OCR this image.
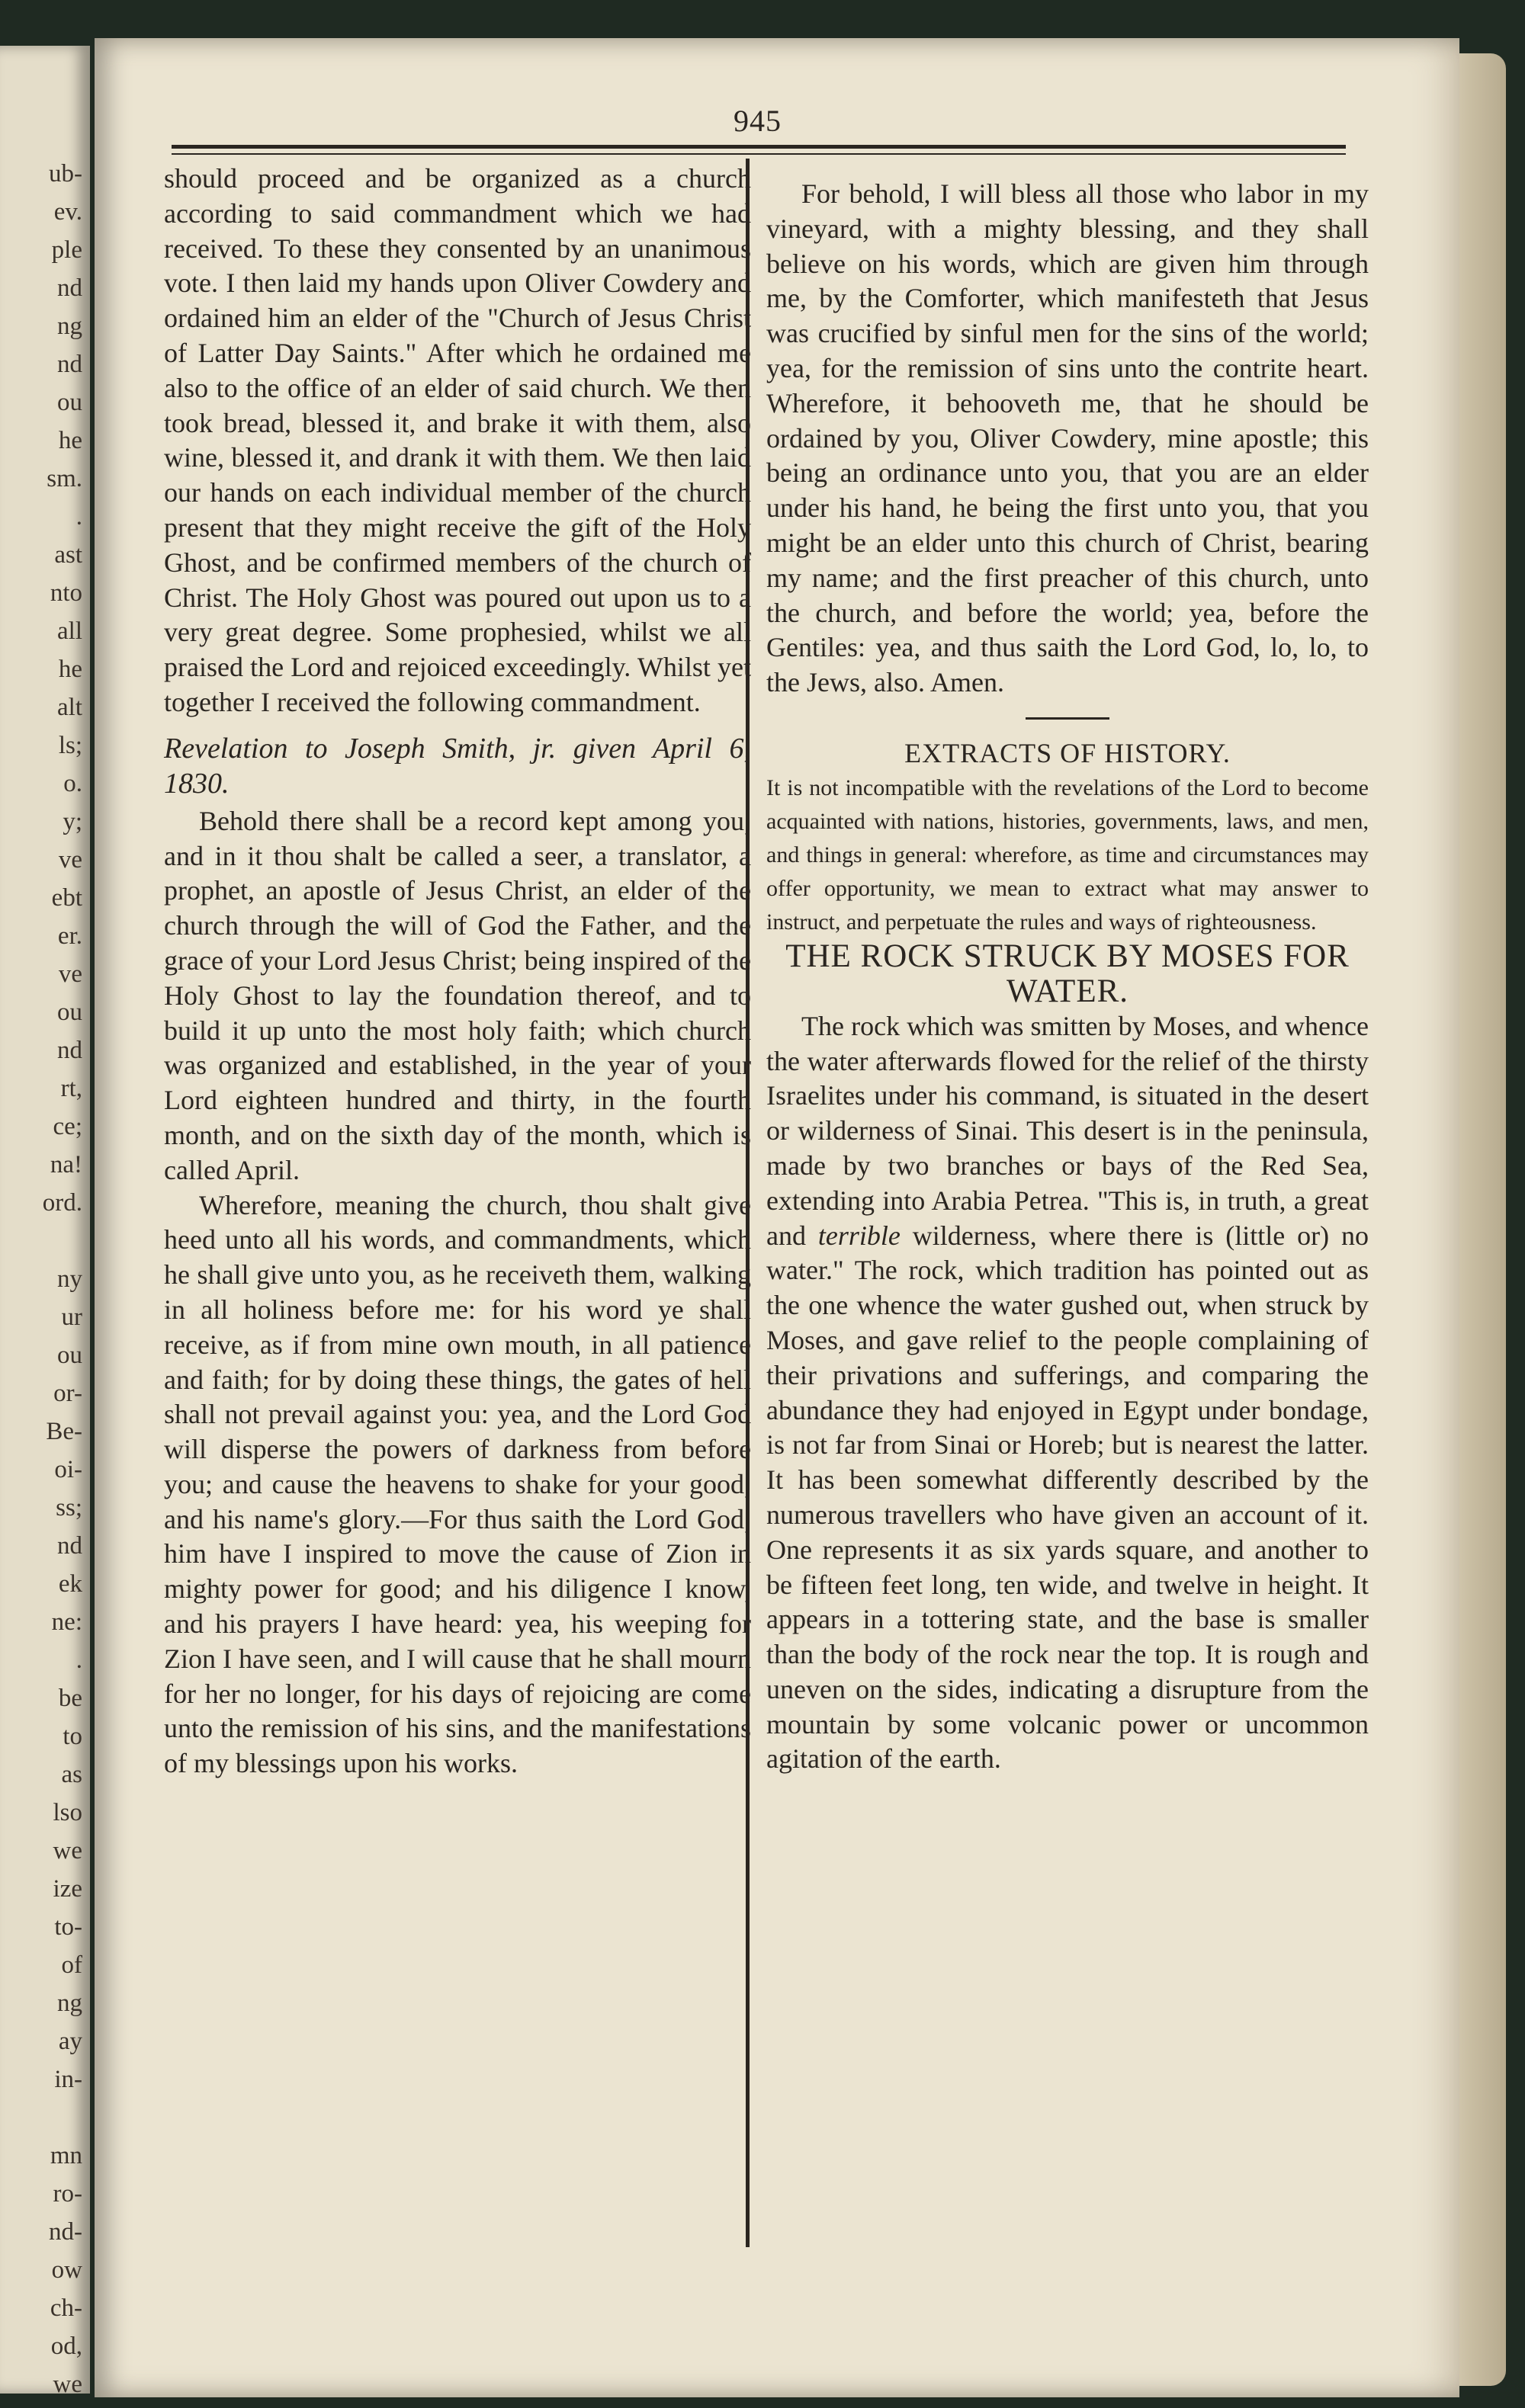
ub-
ev.
ple
nd
ng
nd
ou
he
sm.
.
ast
nto
all
he
alt
ls;
o.
y;
ve
ebt
er.
ve
ou
nd
rt,
ce;
na!
ord.
ny
ur
ou
or-
Be-
oi-
ss;
nd
ek
ne:
.
be
to
as
lso
we
ize
to-
of
ng
ay
in-
mn
ro-
nd-
ow
ch-
od,
we
945

should proceed and be organized as a church according to said commandment which we had received. To these they consented by an unanimous vote. I then laid my hands upon Oliver Cowdery and ordained him an elder of the "Church of Jesus Christ of Latter Day Saints." After which he ordained me also to the office of an elder of said church. We then took bread, blessed it, and brake it with them, also wine, blessed it, and drank it with them. We then laid our hands on each individual member of the church present that they might receive the gift of the Holy Ghost, and be confirmed members of the church of Christ. The Holy Ghost was poured out upon us to a very great degree. Some prophesied, whilst we all praised the Lord and rejoiced exceedingly. Whilst yet together I received the following commandment.

Revelation to Joseph Smith, jr. given April 6, 1830.

Behold there shall be a record kept among you, and in it thou shalt be called a seer, a translator, a prophet, an apostle of Jesus Christ, an elder of the church through the will of God the Father, and the grace of your Lord Jesus Christ; being inspired of the Holy Ghost to lay the foundation thereof, and to build it up unto the most holy faith; which church was organized and established, in the year of your Lord eighteen hundred and thirty, in the fourth month, and on the sixth day of the month, which is called April.

Wherefore, meaning the church, thou shalt give heed unto all his words, and commandments, which he shall give unto you, as he receiveth them, walking in all holiness before me: for his word ye shall receive, as if from mine own mouth, in all patience and faith; for by doing these things, the gates of hell shall not prevail against you: yea, and the Lord God will disperse the powers of darkness from before you; and cause the heavens to shake for your good, and his name's glory.—For thus saith the Lord God, him have I inspired to move the cause of Zion in mighty power for good; and his diligence I know, and his prayers I have heard: yea, his weeping for Zion I have seen, and I will cause that he shall mourn for her no longer, for his days of rejoicing are come unto the remission of his sins, and the manifestations of my blessings upon his works.

For behold, I will bless all those who labor in my vineyard, with a mighty blessing, and they shall believe on his words, which are given him through me, by the Comforter, which manifesteth that Jesus was crucified by sinful men for the sins of the world; yea, for the remission of sins unto the contrite heart. Wherefore, it behooveth me, that he should be ordained by you, Oliver Cowdery, mine apostle; this being an ordinance unto you, that you are an elder under his hand, he being the first unto you, that you might be an elder unto this church of Christ, bearing my name; and the first preacher of this church, unto the church, and before the world; yea, before the Gentiles: yea, and thus saith the Lord God, lo, lo, to the Jews, also. Amen.

EXTRACTS OF HISTORY.

It is not incompatible with the revelations of the Lord to become acquainted with nations, histories, governments, laws, and men, and things in general: wherefore, as time and circumstances may offer opportunity, we mean to extract what may answer to instruct, and perpetuate the rules and ways of righteousness.

THE ROCK STRUCK BY MOSES FOR WATER.

The rock which was smitten by Moses, and whence the water afterwards flowed for the relief of the thirsty Israelites under his command, is situated in the desert or wilderness of Sinai. This desert is in the peninsula, made by two branches or bays of the Red Sea, extending into Arabia Petrea. "This is, in truth, a great and terrible wilderness, where there is (little or) no water." The rock, which tradition has pointed out as the one whence the water gushed out, when struck by Moses, and gave relief to the people complaining of their privations and sufferings, and comparing the abundance they had enjoyed in Egypt under bondage, is not far from Sinai or Horeb; but is nearest the latter. It has been somewhat differently described by the numerous travellers who have given an account of it. One represents it as six yards square, and another to be fifteen feet long, ten wide, and twelve in height. It appears in a tottering state, and the base is smaller than the body of the rock near the top. It is rough and uneven on the sides, indicating a disrupture from the mountain by some volcanic power or uncommon agitation of the earth.
